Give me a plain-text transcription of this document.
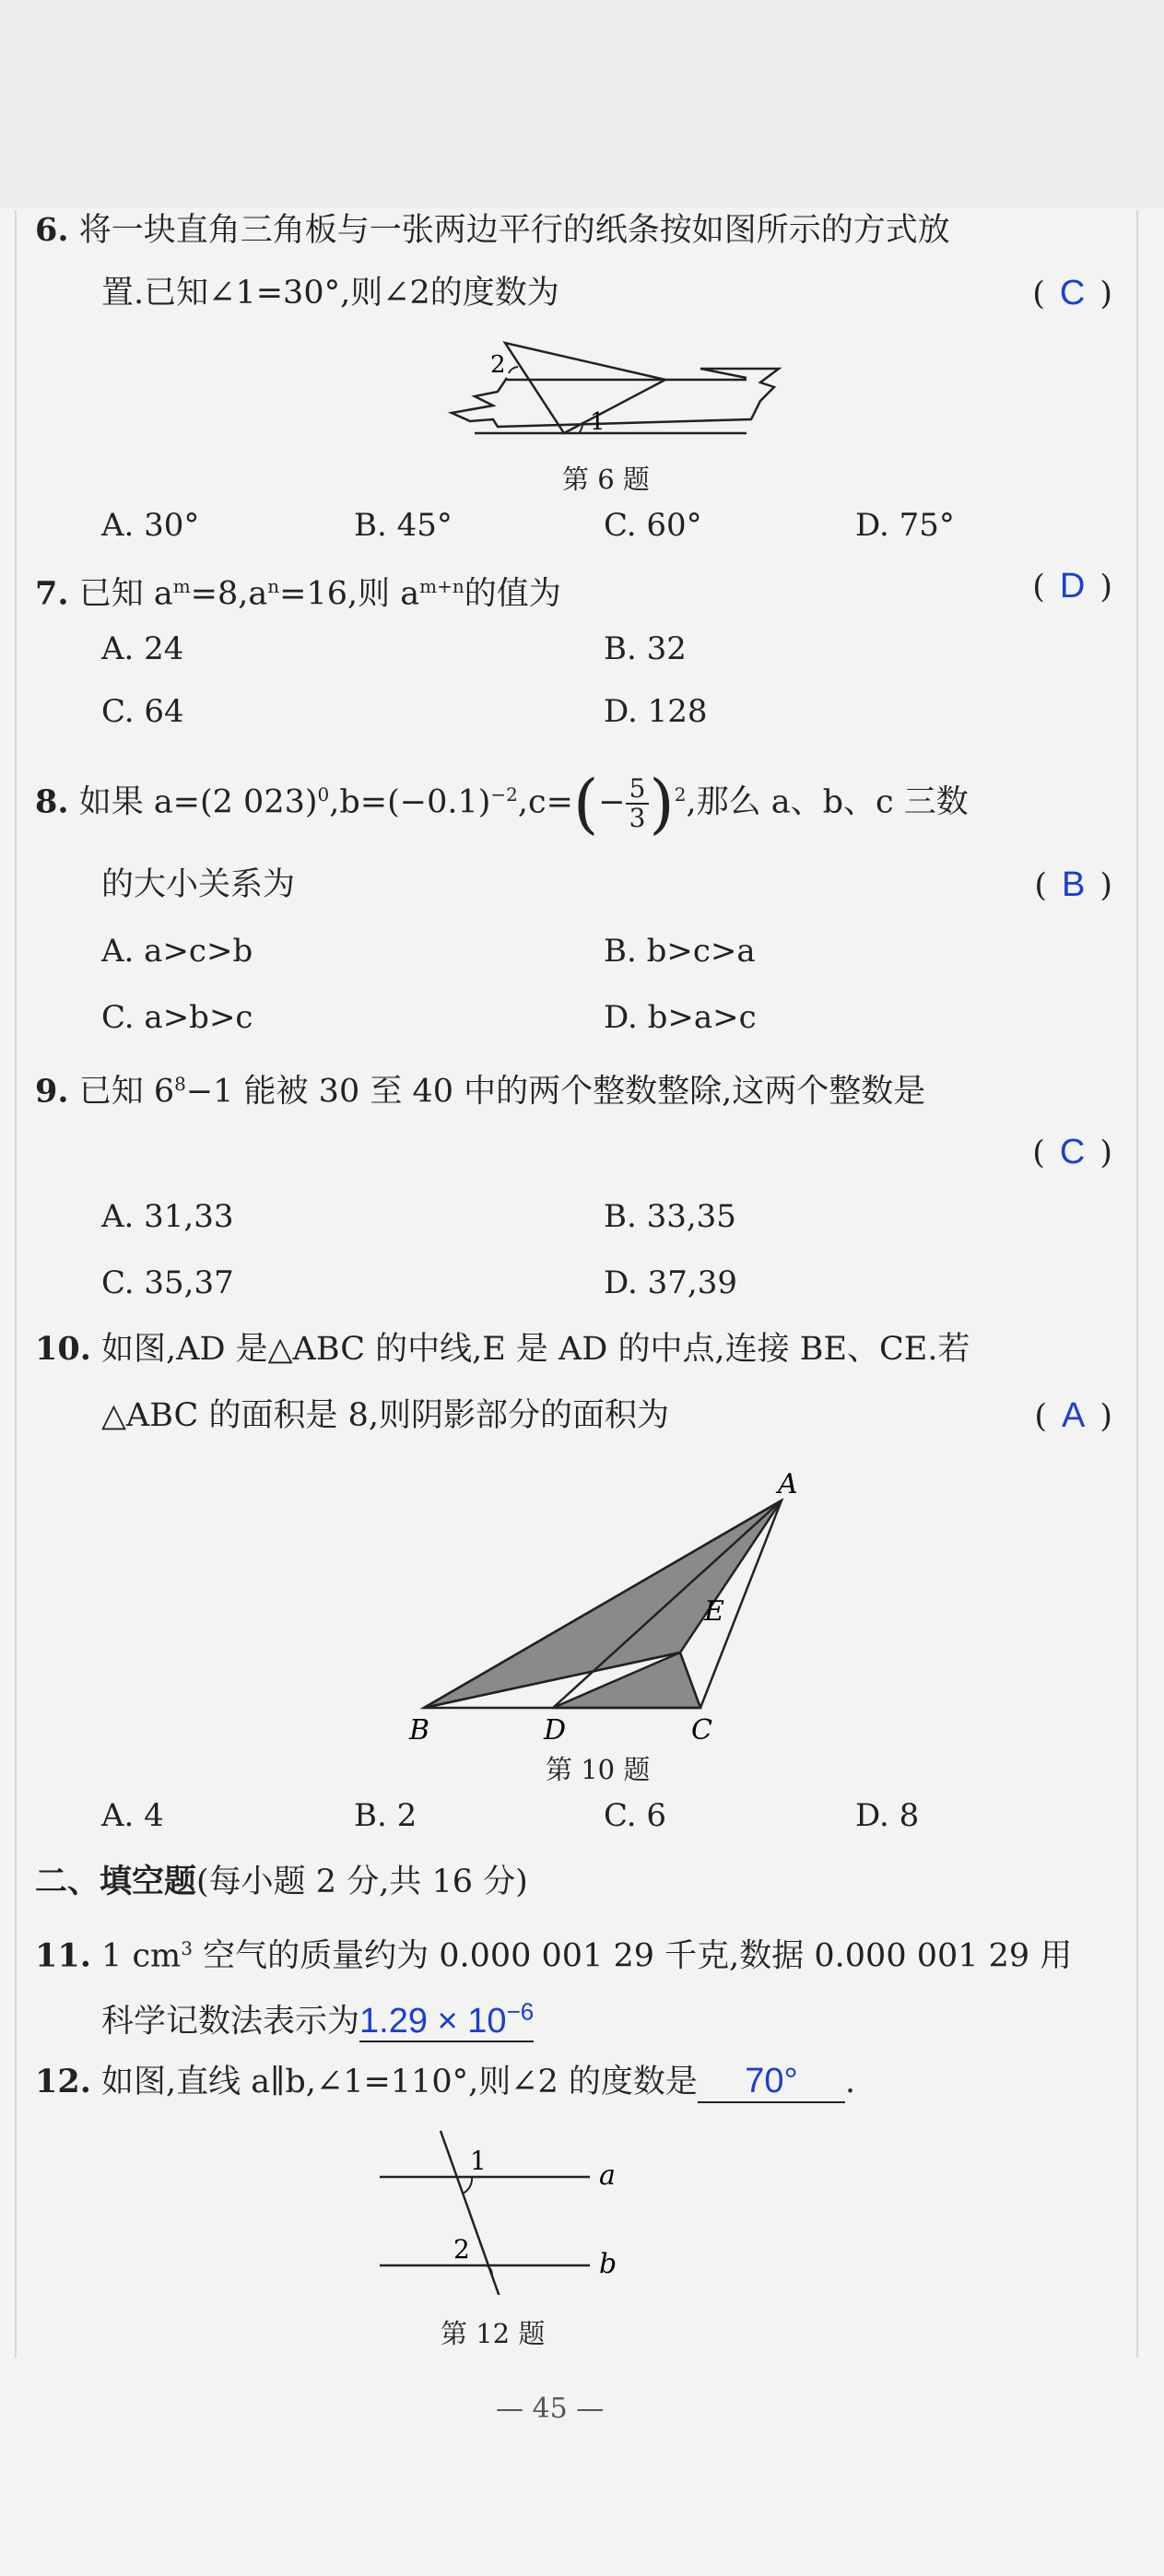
6. 将一块直角三角板与一张两边平行的纸条按如图所示的方式放
置.已知∠1=30°,则∠2的度数为	( C )
2
1
第 6 题
A. 30°	B. 45°	C. 60°	D. 75°
7. 已知 $a^m=8,a^n=16$,则 $a^{m+n}$的值为	( D )
A. 24	B. 32
C. 64	D. 128
8. 如果 a=(2 $023)^0,b=(-0.1)^{-2},c=(- \frac{5}{3} )^2$,那么 a、b、c 三数
的大小关系为	( B )
A. a>c>b	B. b>c>a
C. a>b>c	D. b>a>c
9. 已知 $6^8-1$ 能被 30 至 40 中的两个整数整除,这两个整数是
( C )
A. 31,33	B. 33,35
C. 35,37	D. 37,39
10. 如图,AD 是△ABC 的中线,E 是 AD 的中点,连接 BE、CE.若
△ABC 的面积是 8,则阴影部分的面积为	( A )
A
E
B	D	C
第 10 题
A. 4	B. 2	C. 6	D. 8
二、填空题(每小题 2 分,共 16 分)
11. 1 $cm^3$ 空气的质量约为 0.000 001 29 千克,数据 0.000 001 29 用
科学记数法表示为$1.29 \times 10^{-6}$
12. 如图,直线 a∥b,∠1=110°,则∠2 的度数是 70° .
1	a
2	b
第 12 题
— 45 —
